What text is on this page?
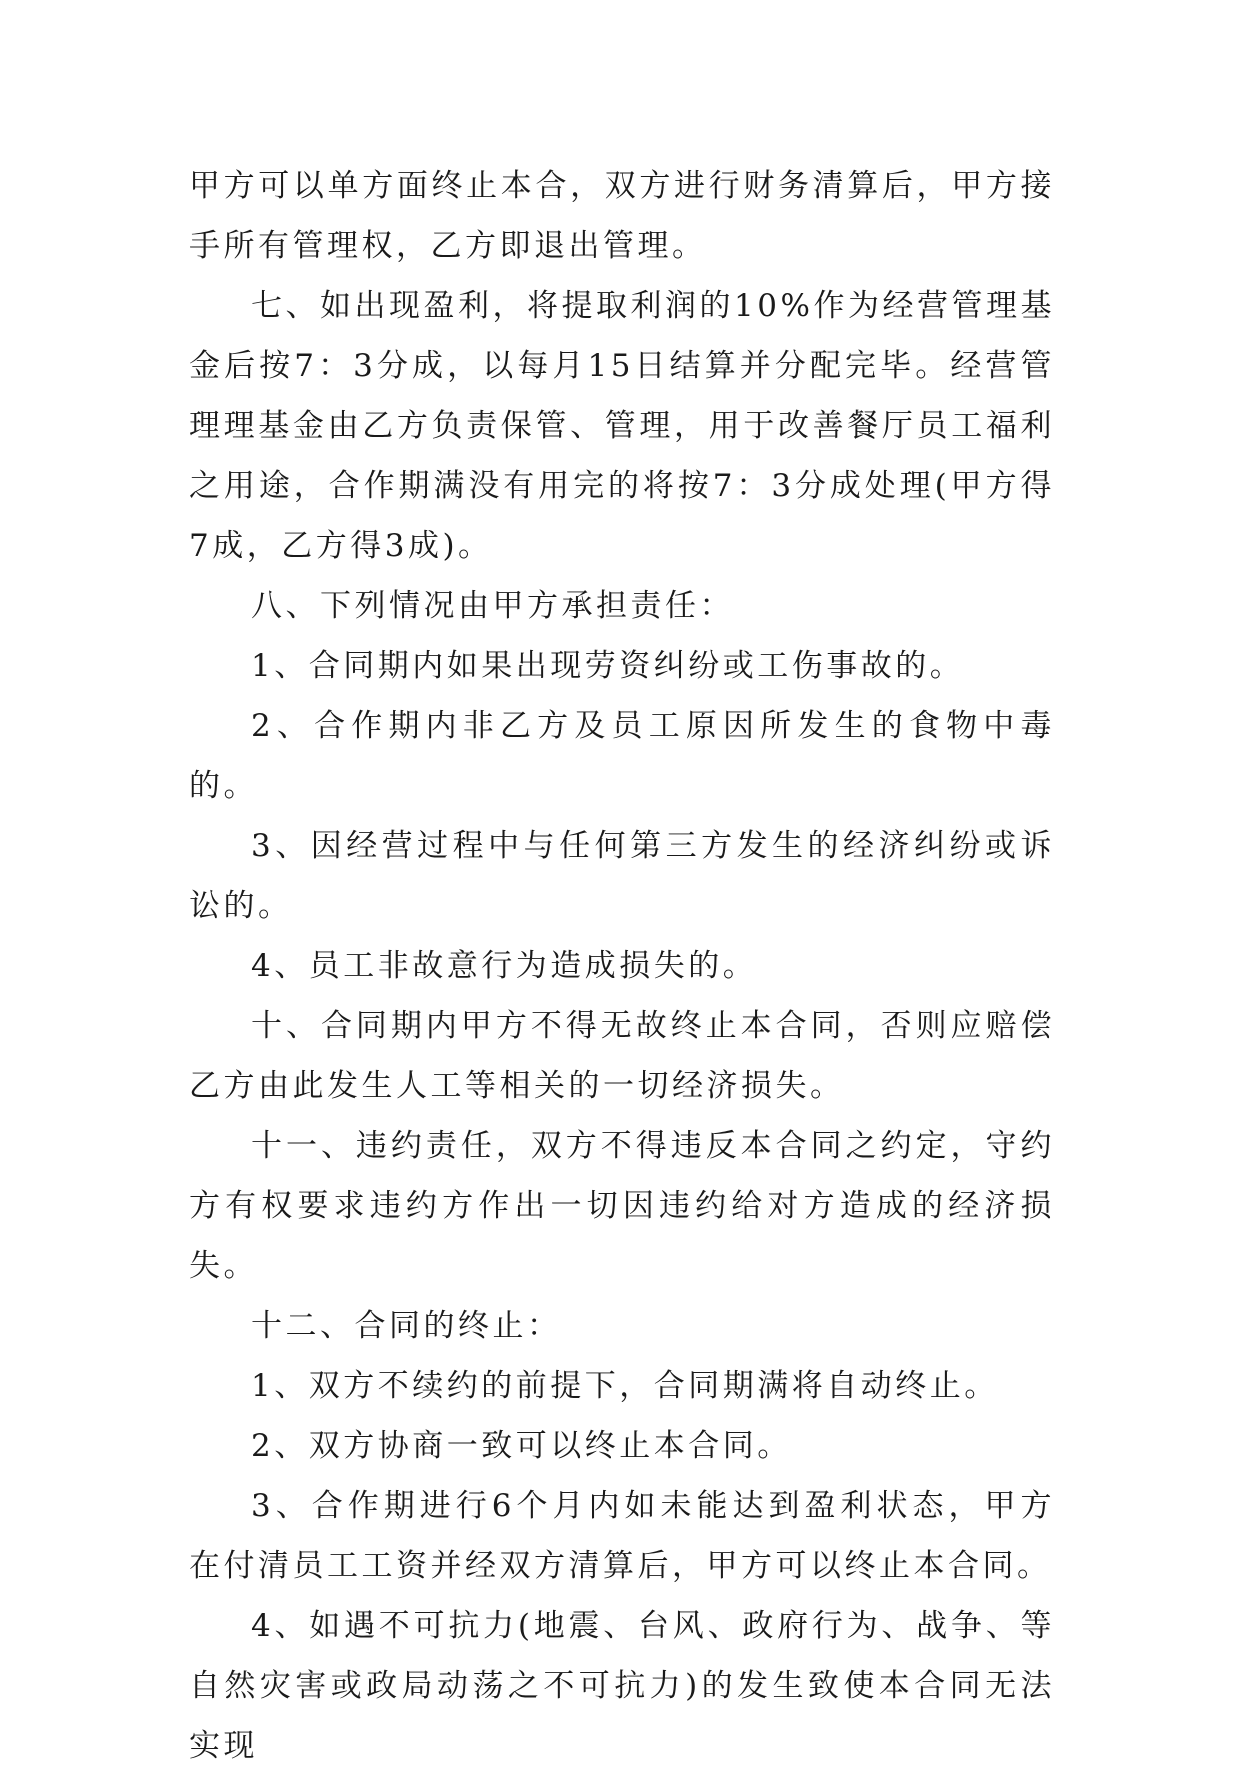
甲方可以单方面终止本合，双方进行财务清算后，甲方接手所有管理权，乙方即退出管理。

七、如出现盈利，将提取利润的10%作为经营管理基金后按7：3分成，以每月15日结算并分配完毕。经营管理理基金由乙方负责保管、管理，用于改善餐厅员工福利之用途，合作期满没有用完的将按7：3分成处理(甲方得7成，乙方得3成)。

八、下列情况由甲方承担责任：

1、合同期内如果出现劳资纠纷或工伤事故的。

2、合作期内非乙方及员工原因所发生的食物中毒的。

3、因经营过程中与任何第三方发生的经济纠纷或诉讼的。

4、员工非故意行为造成损失的。

十、合同期内甲方不得无故终止本合同，否则应赔偿乙方由此发生人工等相关的一切经济损失。

十一、违约责任，双方不得违反本合同之约定，守约方有权要求违约方作出一切因违约给对方造成的经济损失。

十二、合同的终止：

1、双方不续约的前提下，合同期满将自动终止。

2、双方协商一致可以终止本合同。

3、合作期进行6个月内如未能达到盈利状态，甲方在付清员工工资并经双方清算后，甲方可以终止本合同。

4、如遇不可抗力(地震、台风、政府行为、战争、等自然灾害或政局动荡之不可抗力)的发生致使本合同无法实现
